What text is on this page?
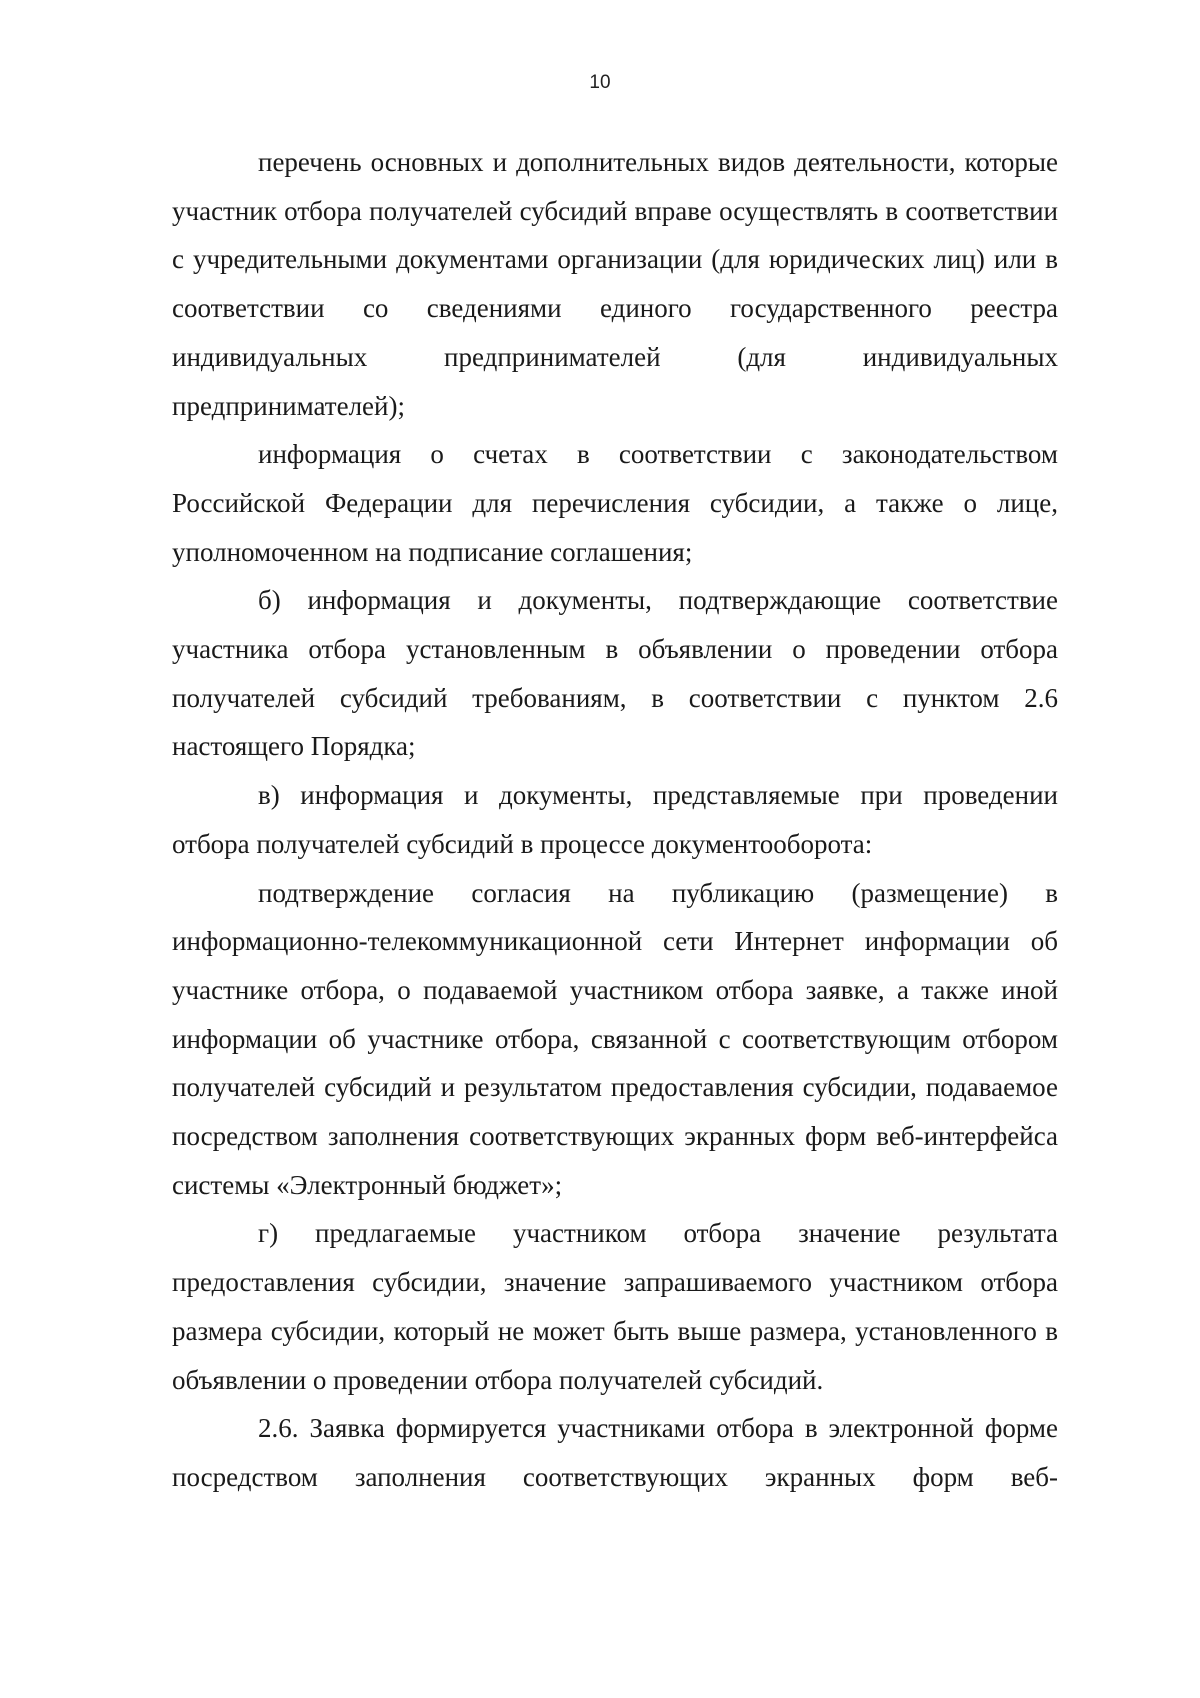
10

перечень основных и дополнительных видов деятельности, которые участник отбора получателей субсидий вправе осуществлять в соответствии с учредительными документами организации (для юридических лиц) или в соответствии со сведениями единого государственного реестра индивидуальных предпринимателей (для индивидуальных предпринимателей);

информация о счетах в соответствии с законодательством Российской Федерации для перечисления субсидии, а также о лице, уполномоченном на подписание соглашения;

б) информация и документы, подтверждающие соответствие участника отбора установленным в объявлении о проведении отбора получателей субсидий требованиям, в соответствии с пунктом 2.6 настоящего Порядка;

в) информация и документы, представляемые при проведении отбора получателей субсидий в процессе документооборота:

подтверждение согласия на публикацию (размещение) в информационно-телекоммуникационной сети Интернет информации об участнике отбора, о подаваемой участником отбора заявке, а также иной информации об участнике отбора, связанной с соответствующим отбором получателей субсидий и результатом предоставления субсидии, подаваемое посредством заполнения соответствующих экранных форм веб-интерфейса системы «Электронный бюджет»;

г) предлагаемые участником отбора значение результата предоставления субсидии, значение запрашиваемого участником отбора размера субсидии, который не может быть выше размера, установленного в объявлении о проведении отбора получателей субсидий.

2.6. Заявка формируется участниками отбора в электронной форме посредством заполнения соответствующих экранных форм веб-
